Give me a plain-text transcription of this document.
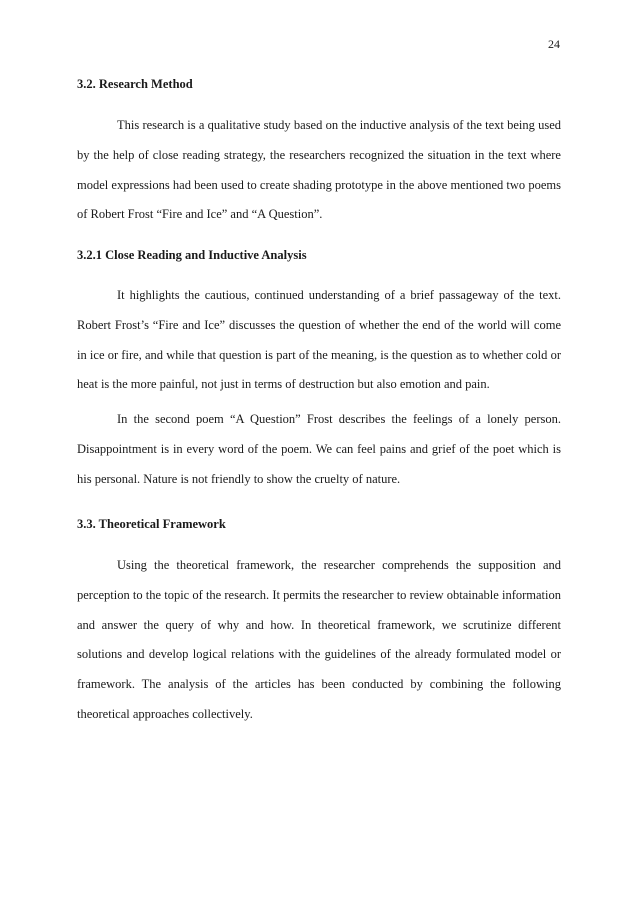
24
3.2. Research Method
This research is a qualitative study based on the inductive analysis of the text being used by the help of close reading strategy, the researchers recognized the situation in the text where model expressions had been used to create shading prototype in the above mentioned two poems of Robert Frost “Fire and Ice” and “A Question”.
3.2.1 Close Reading and Inductive Analysis
It highlights the cautious, continued understanding of a brief passageway of the text. Robert Frost’s “Fire and Ice” discusses the question of whether the end of the world will come in ice or fire, and while that question is part of the meaning, is the question as to whether cold or heat is the more painful, not just in terms of destruction but also emotion and pain.
In the second poem “A Question” Frost describes the feelings of a lonely person. Disappointment is in every word of the poem. We can feel pains and grief of the poet which is his personal. Nature is not friendly to show the cruelty of nature.
3.3. Theoretical Framework
Using the theoretical framework, the researcher comprehends the supposition and perception to the topic of the research. It permits the researcher to review obtainable information and answer the query of why and how. In theoretical framework, we scrutinize different solutions and develop logical relations with the guidelines of the already formulated model or framework. The analysis of the articles has been conducted by combining the following theoretical approaches collectively.
